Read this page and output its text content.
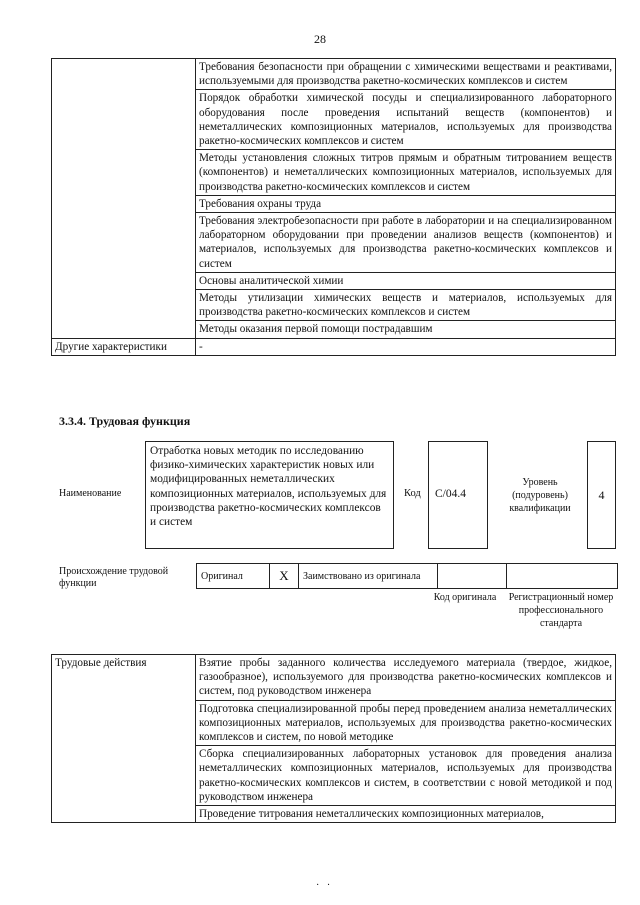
28
	Требования безопасности при обращении с химическими веществами и реактивами, используемыми для производства ракетно-космических комплексов и систем
	Порядок обработки химической посуды и специализированного лабораторного оборудования после проведения испытаний веществ (компонентов) и неметаллических композиционных материалов, используемых для производства ракетно-космических комплексов и систем
	Методы установления сложных титров прямым и обратным титрованием веществ (компонентов) и неметаллических композиционных материалов, используемых для производства ракетно-космических комплексов и систем
	Требования охраны труда
	Требования электробезопасности при работе в лаборатории и на специализированном лабораторном оборудовании при проведении анализов веществ (компонентов) и материалов, используемых для производства ракетно-космических комплексов и систем
	Основы аналитической химии
	Методы утилизации химических веществ и материалов, используемых для производства ракетно-космических комплексов и систем
	Методы оказания первой помощи пострадавшим
Другие характеристики	-
3.3.4. Трудовая функция
Наименование
Отработка новых методик по исследованию физико-химических характеристик новых или модифицированных неметаллических композиционных материалов, используемых для производства ракетно-космических комплексов и систем
Код	C/04.4
Уровень (подуровень) квалификации
4
Происхождение трудовой функции
Оригинал	X	Заимствовано из оригинала		
Код оригинала	Регистрационный номер профессионального стандарта
Трудовые действия	Взятие пробы заданного количества исследуемого материала (твердое, жидкое, газообразное), используемого для производства ракетно-космических комплексов и систем, под руководством инженера
Подготовка специализированной пробы перед проведением анализа неметаллических композиционных материалов, используемых для производства ракетно-космических комплексов и систем, по новой методике
Сборка специализированных лабораторных установок для проведения анализа неметаллических композиционных материалов, используемых для производства ракетно-космических комплексов и систем, в соответствии с новой методикой и под руководством инженера
Проведение титрования неметаллических композиционных материалов,
·   ·
